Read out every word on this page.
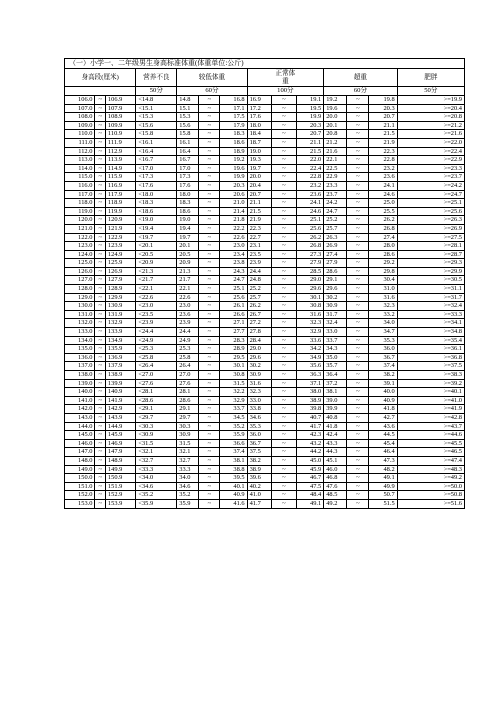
（一）小学一、二年级男生身高标准体重(体重单位:公斤)													
身高段(厘米)			营养不良	较低体重			正常体重			超重			肥胖
			50分	60分			100分			60分			50分
106.0	~	106.9	<14.8	14.8	~	16.8	16.9	~	19.1	19.2	~	19.8	>=19.9
107.0	~	107.9	<15.1	15.1	~	17.1	17.2	~	19.5	19.6	~	20.3	>=20.4
108.0	~	108.9	<15.3	15.3	~	17.5	17.6	~	19.9	20.0	~	20.7	>=20.8
109.0	~	109.9	<15.6	15.6	~	17.9	18.0	~	20.3	20.1	~	21.1	>=21.2
110.0	~	110.9	<15.8	15.8	~	18.3	18.4	~	20.7	20.8	~	21.5	>=21.6
111.0	~	111.9	<16.1	16.1	~	18.6	18.7	~	21.1	21.2	~	21.9	>=22.0
112.0	~	112.9	<16.4	16.4	~	18.9	19.0	~	21.5	21.6	~	22.3	>=22.4
113.0	~	113.9	<16.7	16.7	~	19.2	19.3	~	22.0	22.1	~	22.8	>=22.9
114.0	~	114.9	<17.0	17.0	~	19.6	19.7	~	22.4	22.5	~	23.2	>=23.3
115.0	~	115.9	<17.3	17.3	~	19.9	20.0	~	22.8	22.9	~	23.6	>=23.7
116.0	~	116.9	<17.6	17.6	~	20.3	20.4	~	23.2	23.3	~	24.1	>=24.2
117.0	~	117.9	<18.0	18.0	~	20.6	20.7	~	23.6	23.7	~	24.6	>=24.7
118.0	~	118.9	<18.3	18.3	~	21.0	21.1	~	24.1	24.2	~	25.0	>=25.1
119.0	~	119.9	<18.6	18.6	~	21.4	21.5	~	24.6	24.7	~	25.5	>=25.6
120.0	~	120.9	<19.0	19.0	~	21.8	21.9	~	25.1	25.2	~	26.2	>=26.3
121.0	~	121.9	<19.4	19.4	~	22.2	22.3	~	25.6	25.7	~	26.8	>=26.9
122.0	~	122.9	<19.7	19.7	~	22.6	22.7	~	26.2	26.3	~	27.4	>=27.5
123.0	~	123.9	<20.1	20.1	~	23.0	23.1	~	26.8	26.9	~	28.0	>=28.1
124.0	~	124.9	<20.5	20.5	~	23.4	23.5	~	27.3	27.4	~	28.6	>=28.7
125.0	~	125.9	<20.9	20.9	~	23.8	23.9	~	27.9	27.9	~	29.2	>=29.3
126.0	~	126.9	<21.3	21.3	~	24.3	24.4	~	28.5	28.6	~	29.8	>=29.9
127.0	~	127.9	<21.7	21.7	~	24.7	24.8	~	29.0	29.1	~	30.4	>=30.5
128.0	~	128.9	<22.1	22.1	~	25.1	25.2	~	29.6	29.6	~	31.0	>=31.1
129.0	~	129.9	<22.6	22.6	~	25.6	25.7	~	30.1	30.2	~	31.6	>=31.7
130.0	~	130.9	<23.0	23.0	~	26.1	26.2	~	30.8	30.9	~	32.3	>=32.4
131.0	~	131.9	<23.5	23.6	~	26.6	26.7	~	31.6	31.7	~	33.2	>=33.3
132.0	~	132.9	<23.9	23.9	~	27.1	27.2	~	32.3	32.4	~	34.0	>=34.1
133.0	~	133.9	<24.4	24.4	~	27.7	27.8	~	32.9	33.0	~	34.7	>=34.8
134.0	~	134.9	<24.9	24.9	~	28.3	28.4	~	33.6	33.7	~	35.3	>=35.4
135.0	~	135.9	<25.3	25.3	~	28.9	29.0	~	34.2	34.3	~	36.0	>=36.1
136.0	~	136.9	<25.8	25.8	~	29.5	29.6	~	34.9	35.0	~	36.7	>=36.8
137.0	~	137.9	<26.4	26.4	~	30.1	30.2	~	35.6	35.7	~	37.4	>=37.5
138.0	~	138.9	<27.0	27.0	~	30.8	30.9	~	36.3	36.4	~	38.2	>=38.3
139.0	~	139.9	<27.6	27.6	~	31.5	31.6	~	37.1	37.2	~	39.1	>=39.2
140.0	~	140.9	<28.1	28.1	~	32.2	32.3	~	38.0	38.1	~	40.0	>=40.1
141.0	~	141.9	<28.6	28.6	~	32.9	33.0	~	38.9	39.0	~	40.9	>=41.0
142.0	~	142.9	<29.1	29.1	~	33.7	33.8	~	39.8	39.9	~	41.8	>=41.9
143.0	~	143.9	<29.7	29.7	~	34.5	34.6	~	40.7	40.8	~	42.7	>=42.8
144.0	~	144.9	<30.3	30.3	~	35.2	35.3	~	41.7	41.8	~	43.6	>=43.7
145.0	~	145.9	<30.9	30.9	~	35.9	36.0	~	42.3	42.4	~	44.5	>=44.6
146.0	~	146.9	<31.5	31.5	~	36.6	36.7	~	43.2	43.3	~	45.4	>=45.5
147.0	~	147.9	<32.1	32.1	~	37.4	37.5	~	44.2	44.3	~	46.4	>=46.5
148.0	~	148.9	<32.7	32.7	~	38.1	38.2	~	45.0	45.1	~	47.3	>=47.4
149.0	~	149.9	<33.3	33.3	~	38.8	38.9	~	45.9	46.0	~	48.2	>=48.3
150.0	~	150.9	<34.0	34.0	~	39.5	39.6	~	46.7	46.8	~	49.1	>=49.2
151.0	~	151.9	<34.6	34.6	~	40.1	40.2	~	47.5	47.6	~	49.9	>=50.0
152.0	~	152.9	<35.2	35.2	~	40.9	41.0	~	48.4	48.5	~	50.7	>=50.8
153.0	~	153.9	<35.9	35.9	~	41.6	41.7	~	49.1	49.2	~	51.5	>=51.6
